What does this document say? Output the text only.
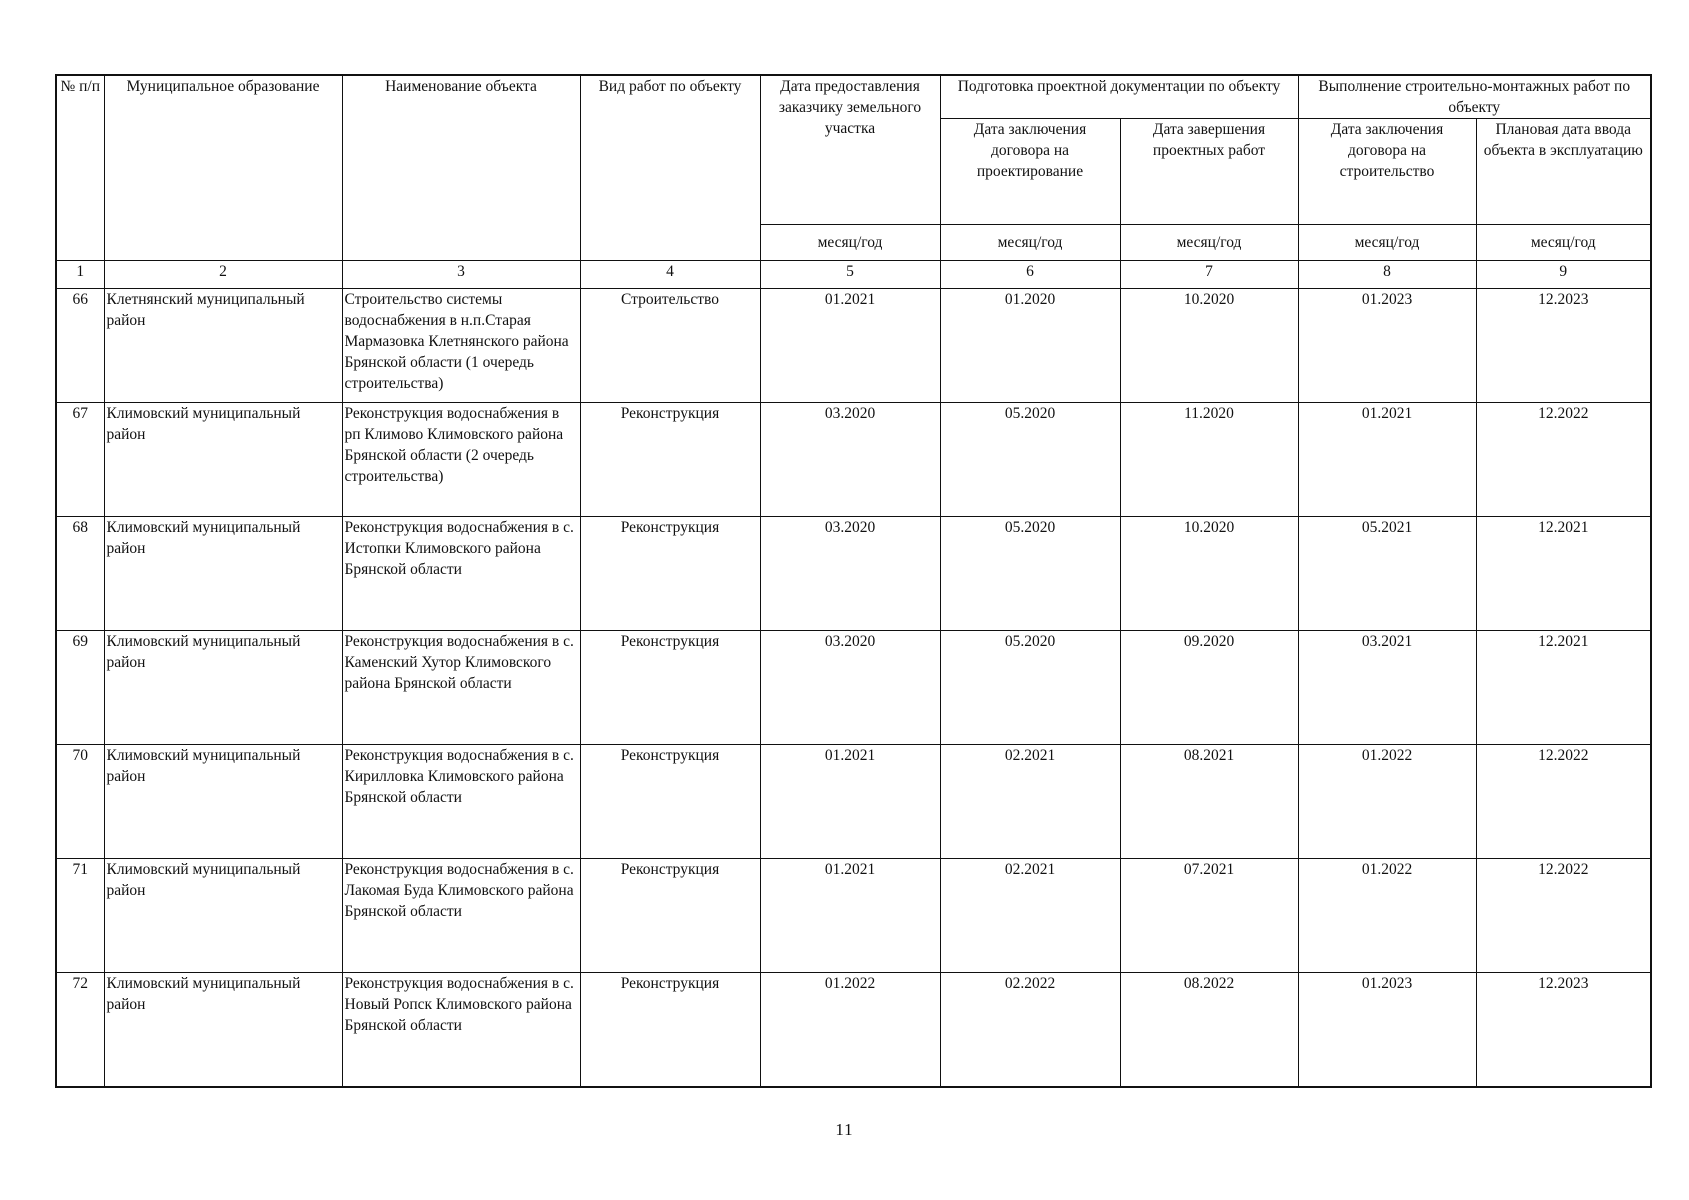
№ п/п	Муниципальное образование	Наименование объекта	Вид работ по объекту	Дата предоставления заказчику земельного участка	Подготовка проектной документации по объекту		Выполнение строительно-монтажных работ по объекту	
					Дата заключения договора на проектирование	Дата завершения проектных работ	Дата заключения договора на строительство	Плановая дата ввода объекта в эксплуатацию
				месяц/год	месяц/год	месяц/год	месяц/год	месяц/год
1	2	3	4	5	6	7	8	9
66	Клетнянский муниципальный район	Строительство системы водоснабжения в н.п.Старая Мармазовка Клетнянского района Брянской области (1 очередь строительства)	Строительство	01.2021	01.2020	10.2020	01.2023	12.2023
67	Климовский муниципальный район	Реконструкция водоснабжения в рп Климово Климовского района Брянской области (2 очередь строительства)	Реконструкция	03.2020	05.2020	11.2020	01.2021	12.2022
68	Климовский муниципальный район	Реконструкция водоснабжения в с. Истопки Климовского района Брянской области	Реконструкция	03.2020	05.2020	10.2020	05.2021	12.2021
69	Климовский муниципальный район	Реконструкция водоснабжения в с. Каменский Хутор Климовского района Брянской области	Реконструкция	03.2020	05.2020	09.2020	03.2021	12.2021
70	Климовский муниципальный район	Реконструкция водоснабжения в с. Кирилловка Климовского района Брянской области	Реконструкция	01.2021	02.2021	08.2021	01.2022	12.2022
71	Климовский муниципальный район	Реконструкция водоснабжения в с. Лакомая Буда Климовского района Брянской области	Реконструкция	01.2021	02.2021	07.2021	01.2022	12.2022
72	Климовский муниципальный район	Реконструкция водоснабжения в с. Новый Ропск Климовского района Брянской области	Реконструкция	01.2022	02.2022	08.2022	01.2023	12.2023
11
